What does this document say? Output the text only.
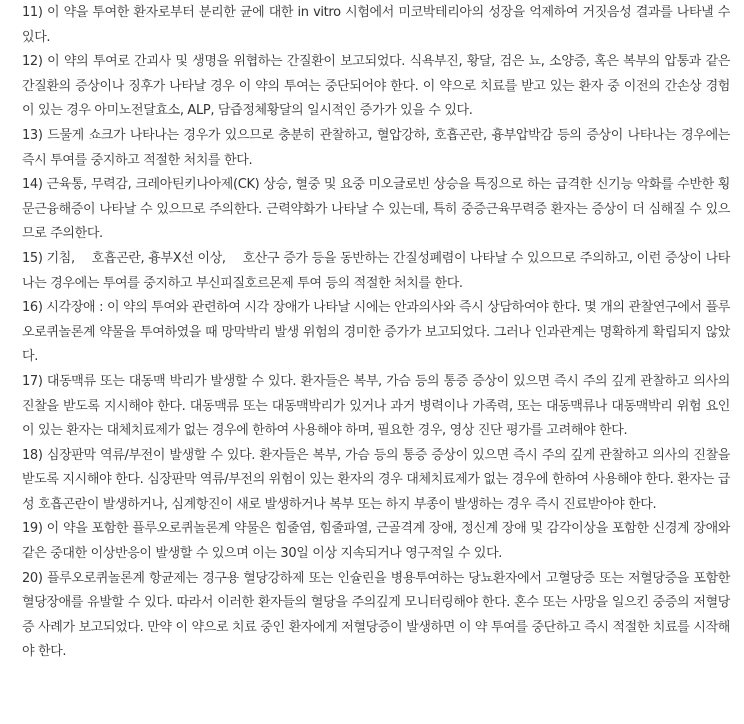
11) 이 약을 투여한 환자로부터 분리한 균에 대한 in vitro 시험에서 미코박테리아의 성장을 억제하여 거짓음성 결과를 나타낼 수 있다.

12) 이 약의 투여로 간괴사 및 생명을 위협하는 간질환이 보고되었다. 식욕부진, 황달, 검은 뇨, 소양증, 혹은 복부의 압통과 같은 간질환의 증상이나 징후가 나타날 경우 이 약의 투여는 중단되어야 한다. 이 약으로 치료를 받고 있는 환자 중 이전의 간손상 경험이 있는 경우 아미노전달효소, ALP, 담즙정체황달의 일시적인 증가가 있을 수 있다.

13) 드물게 쇼크가 나타나는 경우가 있으므로 충분히 관찰하고, 혈압강하, 호흡곤란, 흉부압박감 등의 증상이 나타나는 경우에는 즉시 투여를 중지하고 적절한 처치를 한다.

14) 근육통, 무력감, 크레아틴키나아제(CK) 상승, 혈중 및 요중 미오글로빈 상승을 특징으로 하는 급격한 신기능 악화를 수반한 횡문근융해증이 나타날 수 있으므로 주의한다. 근력약화가 나타날 수 있는데, 특히 중증근육무력증 환자는 증상이 더 심해질 수 있으므로 주의한다.

15) 기침, 　호흡곤란, 흉부X선 이상, 　호산구 증가 등을 동반하는 간질성폐렴이 나타날 수 있으므로 주의하고, 이런 증상이 나타나는 경우에는 투여를 중지하고 부신피질호르몬제 투여 등의 적절한 처치를 한다.

16) 시각장애 : 이 약의 투여와 관련하여 시각 장애가 나타날 시에는 안과의사와 즉시 상담하여야 한다. 몇 개의 관찰연구에서 플루오로퀴놀론계 약물을 투여하였을 때 망막박리 발생 위험의 경미한 증가가 보고되었다. 그러나 인과관계는 명확하게 확립되지 않았다.

17) 대동맥류 또는 대동맥 박리가 발생할 수 있다. 환자들은 복부, 가슴 등의 통증 증상이 있으면 즉시 주의 깊게 관찰하고 의사의 진찰을 받도록 지시해야 한다. 대동맥류 또는 대동맥박리가 있거나 과거 병력이나 가족력, 또는 대동맥류나 대동맥박리 위험 요인이 있는 환자는 대체치료제가 없는 경우에 한하여 사용해야 하며, 필요한 경우, 영상 진단 평가를 고려해야 한다.

18) 심장판막 역류/부전이 발생할 수 있다. 환자들은 복부, 가슴 등의 통증 증상이 있으면 즉시 주의 깊게 관찰하고 의사의 진찰을 받도록 지시해야 한다. 심장판막 역류/부전의 위험이 있는 환자의 경우 대체치료제가 없는 경우에 한하여 사용해야 한다. 환자는 급성 호흡곤란이 발생하거나, 심계항진이 새로 발생하거나 복부 또는 하지 부종이 발생하는 경우 즉시 진료받아야 한다.

19) 이 약을 포함한 플루오로퀴놀론계 약물은 힘줄염, 힘줄파열, 근골격계 장애, 정신계 장애 및 감각이상을 포함한 신경계 장애와 같은 중대한 이상반응이 발생할 수 있으며 이는 30일 이상 지속되거나 영구적일 수 있다.

20) 플루오로퀴놀론계 항균제는 경구용 혈당강하제 또는 인슐린을 병용투여하는 당뇨환자에서 고혈당증 또는 저혈당증을 포함한 혈당장애를 유발할 수 있다. 따라서 이러한 환자들의 혈당을 주의깊게 모니터링해야 한다. 혼수 또는 사망을 일으킨 중증의 저혈당증 사례가 보고되었다. 만약 이 약으로 치료 중인 환자에게 저혈당증이 발생하면 이 약 투여를 중단하고 즉시 적절한 치료를 시작해야 한다.
